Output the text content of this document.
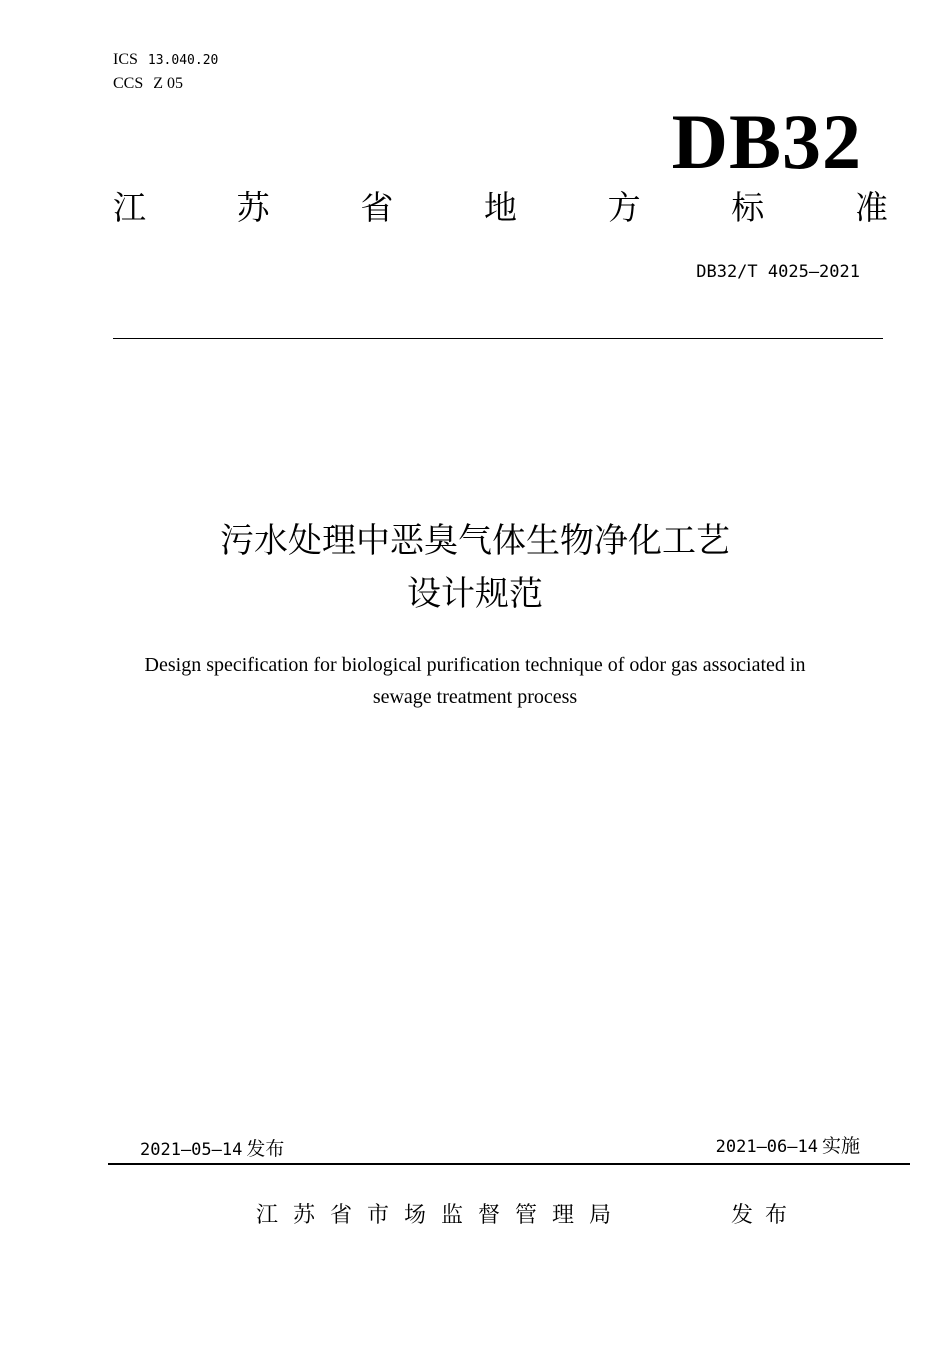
ICS 13.040.20
CCS Z 05
DB32
江	苏	省	地	方	标	准
DB32/T 4025—2021
污水处理中恶臭气体生物净化工艺
设计规范
Design specification for biological purification technique of odor gas associated in
sewage treatment process
2021—05—14 发布	2021—06—14 实施
江苏省市场监督管理局	发布
